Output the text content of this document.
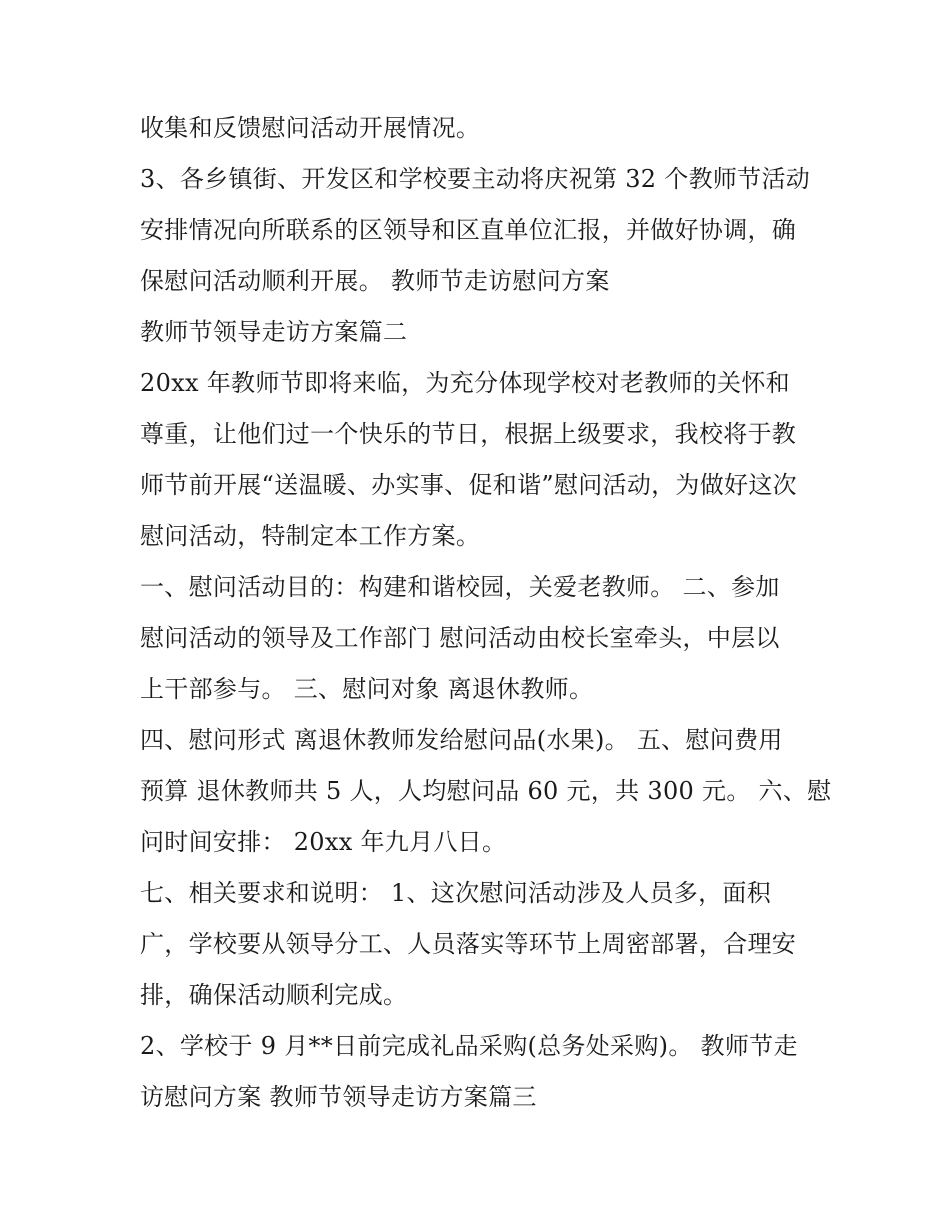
收集和反馈慰问活动开展情况。
3、各乡镇街、开发区和学校要主动将庆祝第 32 个教师节活动
安排情况向所联系的区领导和区直单位汇报，并做好协调，确
保慰问活动顺利开展。 教师节走访慰问方案
教师节领导走访方案篇二
20xx 年教师节即将来临，为充分体现学校对老教师的关怀和
尊重，让他们过一个快乐的节日，根据上级要求，我校将于教
师节前开展“送温暖、办实事、促和谐”慰问活动，为做好这次
慰问活动，特制定本工作方案。
一、慰问活动目的：构建和谐校园，关爱老教师。 二、参加
慰问活动的领导及工作部门 慰问活动由校长室牵头，中层以
上干部参与。 三、慰问对象 离退休教师。
四、慰问形式 离退休教师发给慰问品(水果)。 五、慰问费用
预算 退休教师共 5 人，人均慰问品 60 元，共 300 元。 六、慰
问时间安排： 20xx 年九月八日。
七、相关要求和说明： 1、这次慰问活动涉及人员多，面积
广，学校要从领导分工、人员落实等环节上周密部署，合理安
排，确保活动顺利完成。
2、学校于 9 月**日前完成礼品采购(总务处采购)。 教师节走
访慰问方案 教师节领导走访方案篇三
